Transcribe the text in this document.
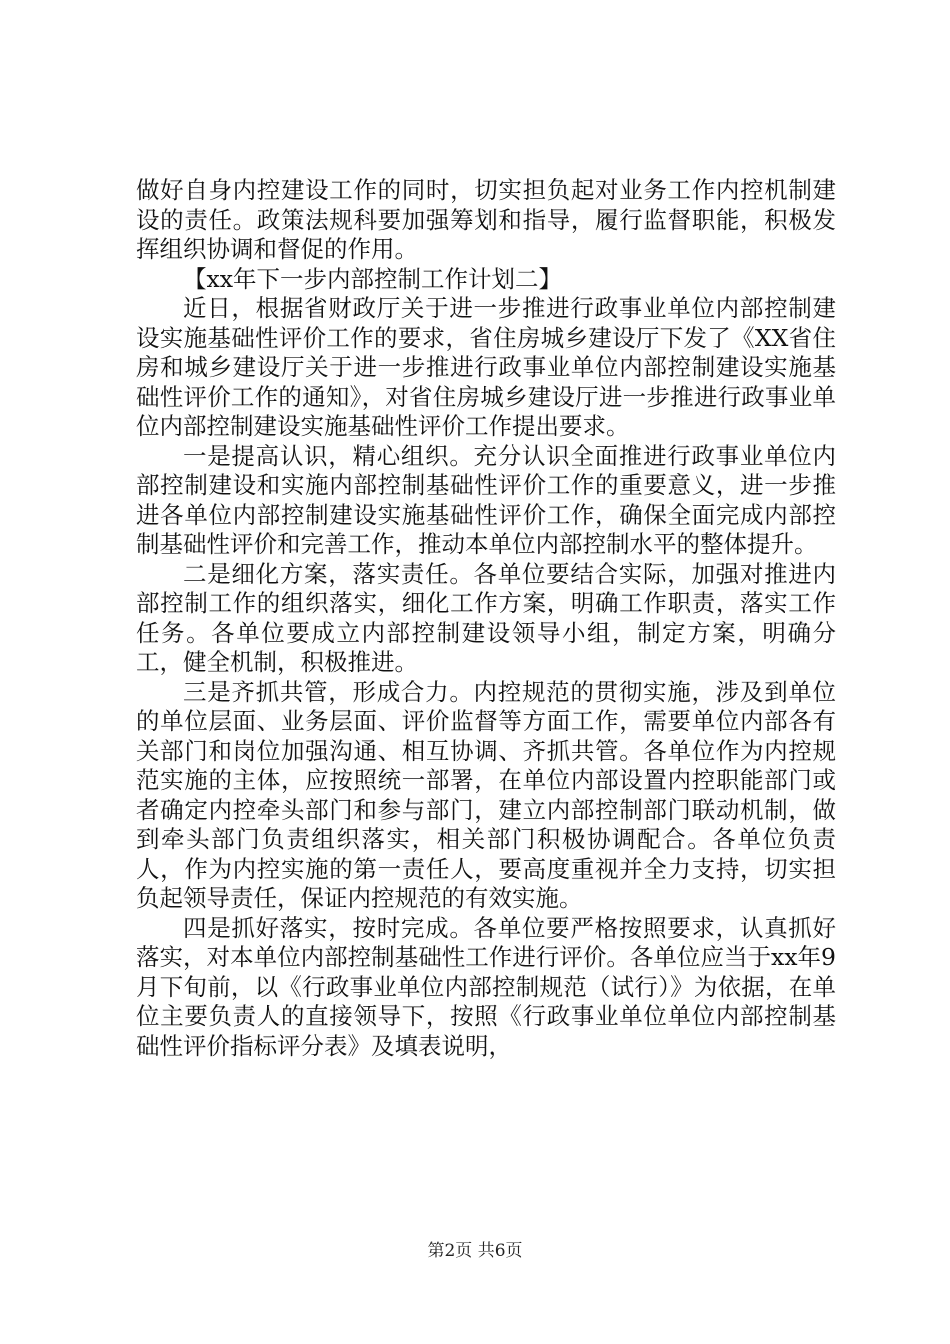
做好自身内控建设工作的同时，切实担负起对业务工作内控机制建设的责任。政策法规科要加强筹划和指导，履行监督职能，积极发挥组织协调和督促的作用。

【xx年下一步内部控制工作计划二】

近日，根据省财政厅关于进一步推进行政事业单位内部控制建设实施基础性评价工作的要求，省住房城乡建设厅下发了《XX省住房和城乡建设厅关于进一步推进行政事业单位内部控制建设实施基础性评价工作的通知》，对省住房城乡建设厅进一步推进行政事业单位内部控制建设实施基础性评价工作提出要求。

一是提高认识，精心组织。充分认识全面推进行政事业单位内部控制建设和实施内部控制基础性评价工作的重要意义，进一步推进各单位内部控制建设实施基础性评价工作，确保全面完成内部控制基础性评价和完善工作，推动本单位内部控制水平的整体提升。

二是细化方案，落实责任。各单位要结合实际，加强对推进内部控制工作的组织落实，细化工作方案，明确工作职责，落实工作任务。各单位要成立内部控制建设领导小组，制定方案，明确分工，健全机制，积极推进。

三是齐抓共管，形成合力。内控规范的贯彻实施，涉及到单位的单位层面、业务层面、评价监督等方面工作，需要单位内部各有关部门和岗位加强沟通、相互协调、齐抓共管。各单位作为内控规范实施的主体，应按照统一部署，在单位内部设置内控职能部门或者确定内控牵头部门和参与部门，建立内部控制部门联动机制，做到牵头部门负责组织落实，相关部门积极协调配合。各单位负责人，作为内控实施的第一责任人，要高度重视并全力支持，切实担负起领导责任，保证内控规范的有效实施。

四是抓好落实，按时完成。各单位要严格按照要求，认真抓好落实，对本单位内部控制基础性工作进行评价。各单位应当于xx年9月下旬前，以《行政事业单位内部控制规范（试行）》为依据，在单位主要负责人的直接领导下，按照《行政事业单位单位内部控制基础性评价指标评分表》及填表说明，

第2页 共6页
